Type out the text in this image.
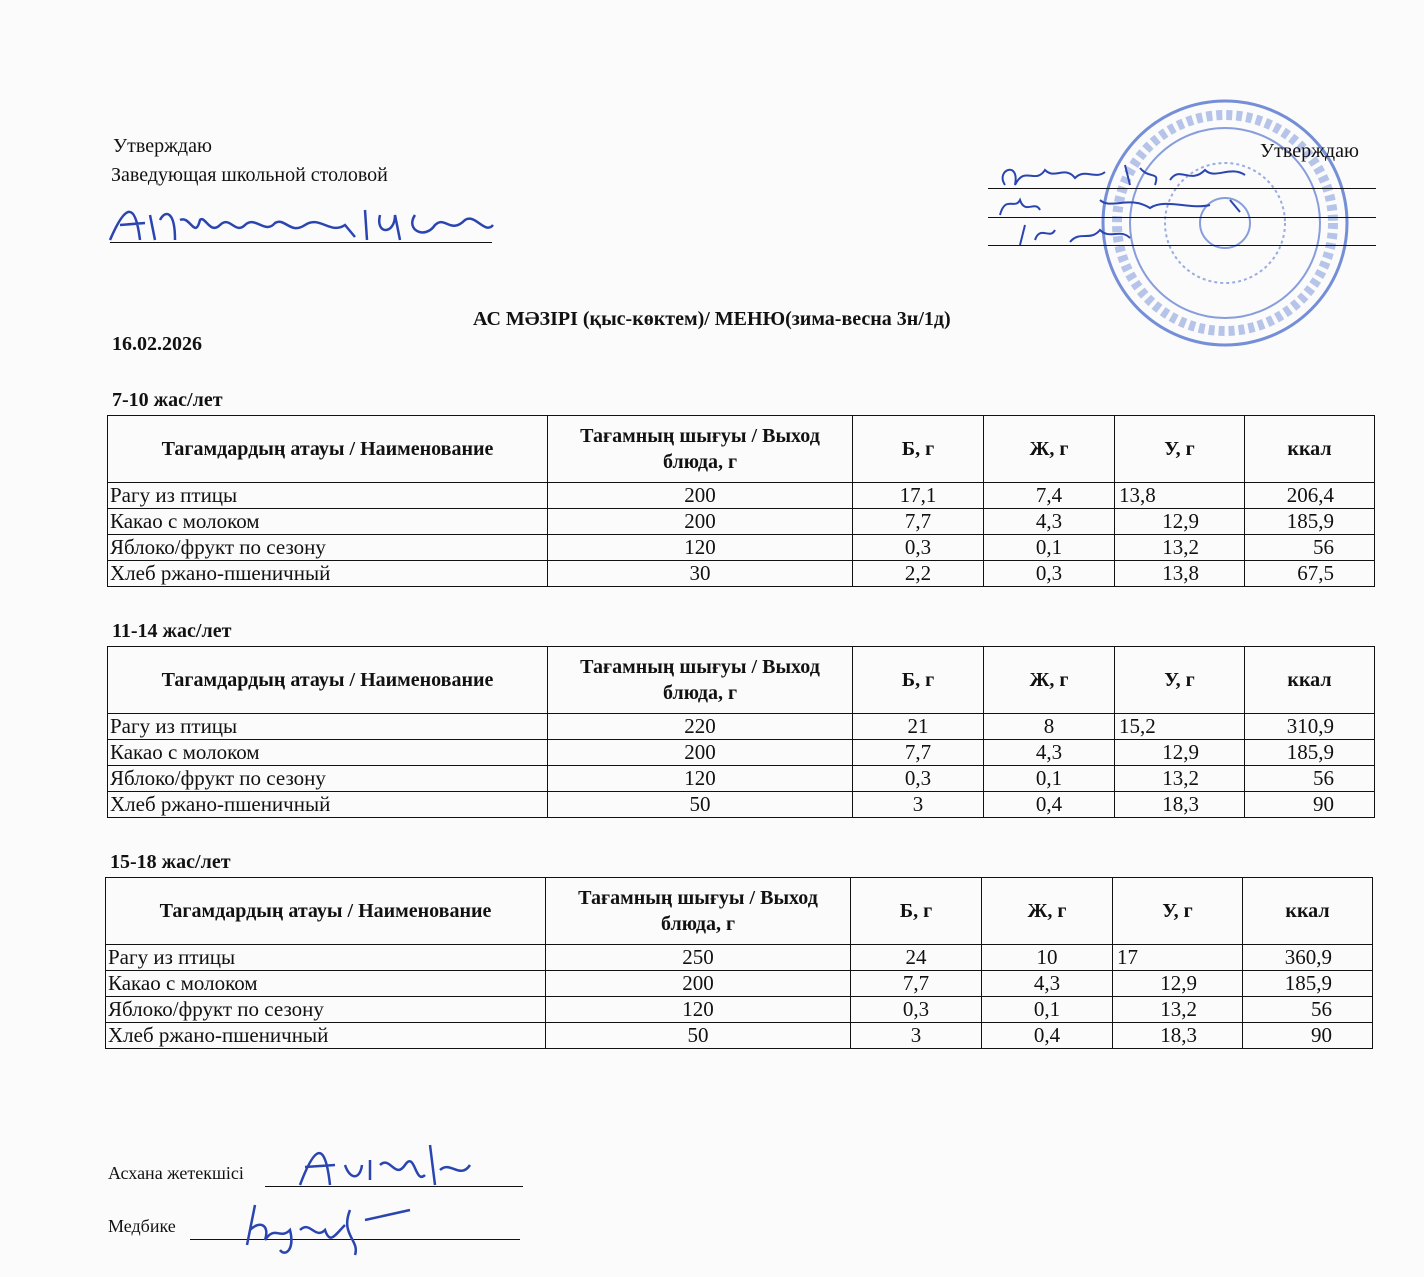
Утверждаю
Заведующая школьной столовой
Утверждаю
АС МӘЗІРІ (қыс-көктем)/ МЕНЮ(зима-весна 3н/1д)
16.02.2026
7-10 жас/лет
Тагамдардың атауы / Наименование	Тағамның шығуы / Выход блюда, г	Б, г	Ж, г	У, г	ккал
Рагу из птицы	200	17,1	7,4	13,8	206,4
Какао с молоком	200	7,7	4,3	12,9	185,9
Яблоко/фрукт по сезону	120	0,3	0,1	13,2	56
Хлеб ржано-пшеничный	30	2,2	0,3	13,8	67,5
11-14 жас/лет
Тагамдардың атауы / Наименование	Тағамның шығуы / Выход блюда, г	Б, г	Ж, г	У, г	ккал
Рагу из птицы	220	21	8	15,2	310,9
Какао с молоком	200	7,7	4,3	12,9	185,9
Яблоко/фрукт по сезону	120	0,3	0,1	13,2	56
Хлеб ржано-пшеничный	50	3	0,4	18,3	90
15-18 жас/лет
Тагамдардың атауы / Наименование	Тағамның шығуы / Выход блюда, г	Б, г	Ж, г	У, г	ккал
Рагу из птицы	250	24	10	17	360,9
Какао с молоком	200	7,7	4,3	12,9	185,9
Яблоко/фрукт по сезону	120	0,3	0,1	13,2	56
Хлеб ржано-пшеничный	50	3	0,4	18,3	90
Асхана жетекшісі
Медбике
